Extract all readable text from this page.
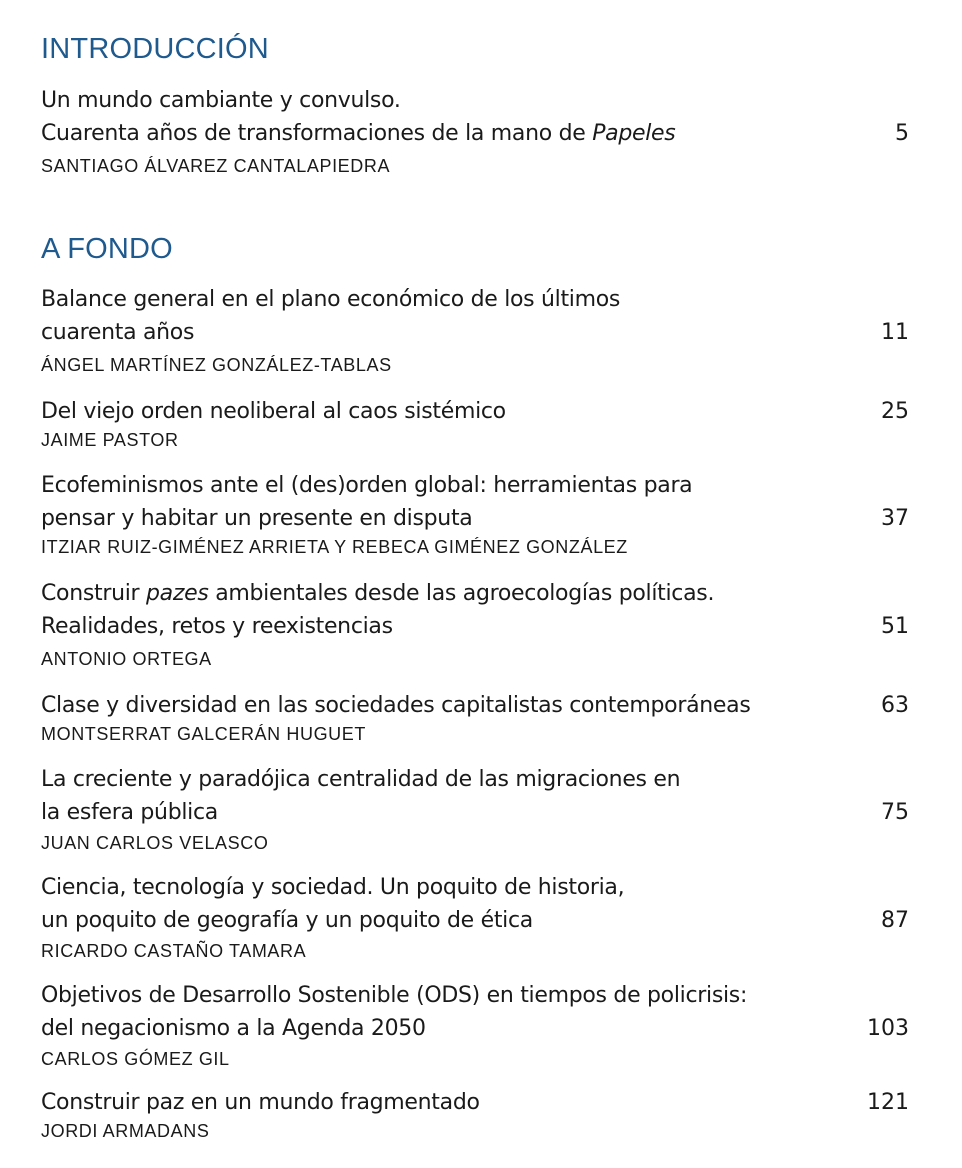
INTRODUCCIÓN
Un mundo cambiante y convulso.
Cuarenta años de transformaciones de la mano de Papeles	5
SANTIAGO ÁLVAREZ CANTALAPIEDRA
A FONDO
Balance general en el plano económico de los últimos
cuarenta años	11
ÁNGEL MARTÍNEZ GONZÁLEZ-TABLAS
Del viejo orden neoliberal al caos sistémico	25
JAIME PASTOR
Ecofeminismos ante el (des)orden global: herramientas para
pensar y habitar un presente en disputa	37
ITZIAR RUIZ-GIMÉNEZ ARRIETA Y REBECA GIMÉNEZ GONZÁLEZ
Construir pazes ambientales desde las agroecologías políticas.
Realidades, retos y reexistencias	51
ANTONIO ORTEGA
Clase y diversidad en las sociedades capitalistas contemporáneas	63
MONTSERRAT GALCERÁN HUGUET
La creciente y paradójica centralidad de las migraciones en
la esfera pública	75
JUAN CARLOS VELASCO
Ciencia, tecnología y sociedad. Un poquito de historia,
un poquito de geografía y un poquito de ética	87
RICARDO CASTAÑO TAMARA
Objetivos de Desarrollo Sostenible (ODS) en tiempos de policrisis:
del negacionismo a la Agenda 2050	103
CARLOS GÓMEZ GIL
Construir paz en un mundo fragmentado	121
JORDI ARMADANS
